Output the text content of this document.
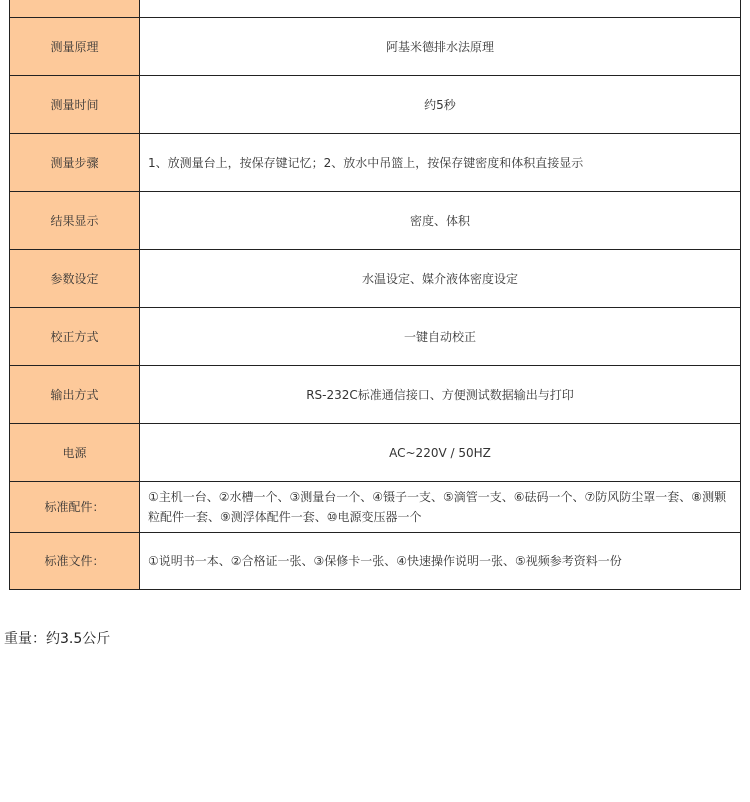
测量原理	阿基米德排水法原理
测量时间	约5秒
测量步骤	1、放测量台上，按保存键记忆；2、放水中吊篮上，按保存键密度和体积直接显示
结果显示	密度、体积
参数设定	水温设定、媒介液体密度设定
校正方式	一键自动校正
输出方式	RS-232C标准通信接口、方便测试数据输出与打印
电源	AC~220V / 50HZ
标准配件：	①主机一台、②水槽一个、③测量台一个、④镊子一支、⑤滴管一支、⑥砝码一个、⑦防风防尘罩一套、⑧测颗粒配件一套、⑨测浮体配件一套、⑩电源变压器一个
标准文件：	①说明书一本、②合格证一张、③保修卡一张、④快速操作说明一张、⑤视频参考资料一份

重量：约3.5公斤
